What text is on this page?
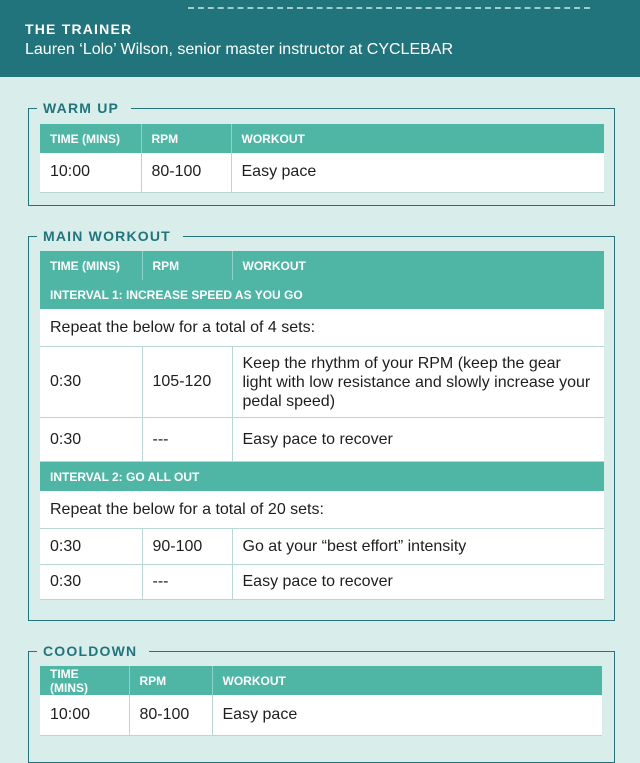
THE TRAINER
Lauren ‘Lolo’ Wilson, senior master instructor at CYCLEBAR
WARM UP
TIME (MINS)	RPM	WORKOUT
10:00	80-100	Easy pace
MAIN WORKOUT
TIME (MINS)	RPM	WORKOUT
INTERVAL 1: INCREASE SPEED AS YOU GO		
Repeat the below for a total of 4 sets:		
0:30	105-120	Keep the rhythm of your RPM (keep the gear light with low resistance and slowly increase your pedal speed)
0:30	---	Easy pace to recover
INTERVAL 2: GO ALL OUT		
Repeat the below for a total of 20 sets:		
0:30	90-100	Go at your “best effort” intensity
0:30	---	Easy pace to recover
COOLDOWN
TIME (MINS)	RPM	WORKOUT
10:00	80-100	Easy pace
